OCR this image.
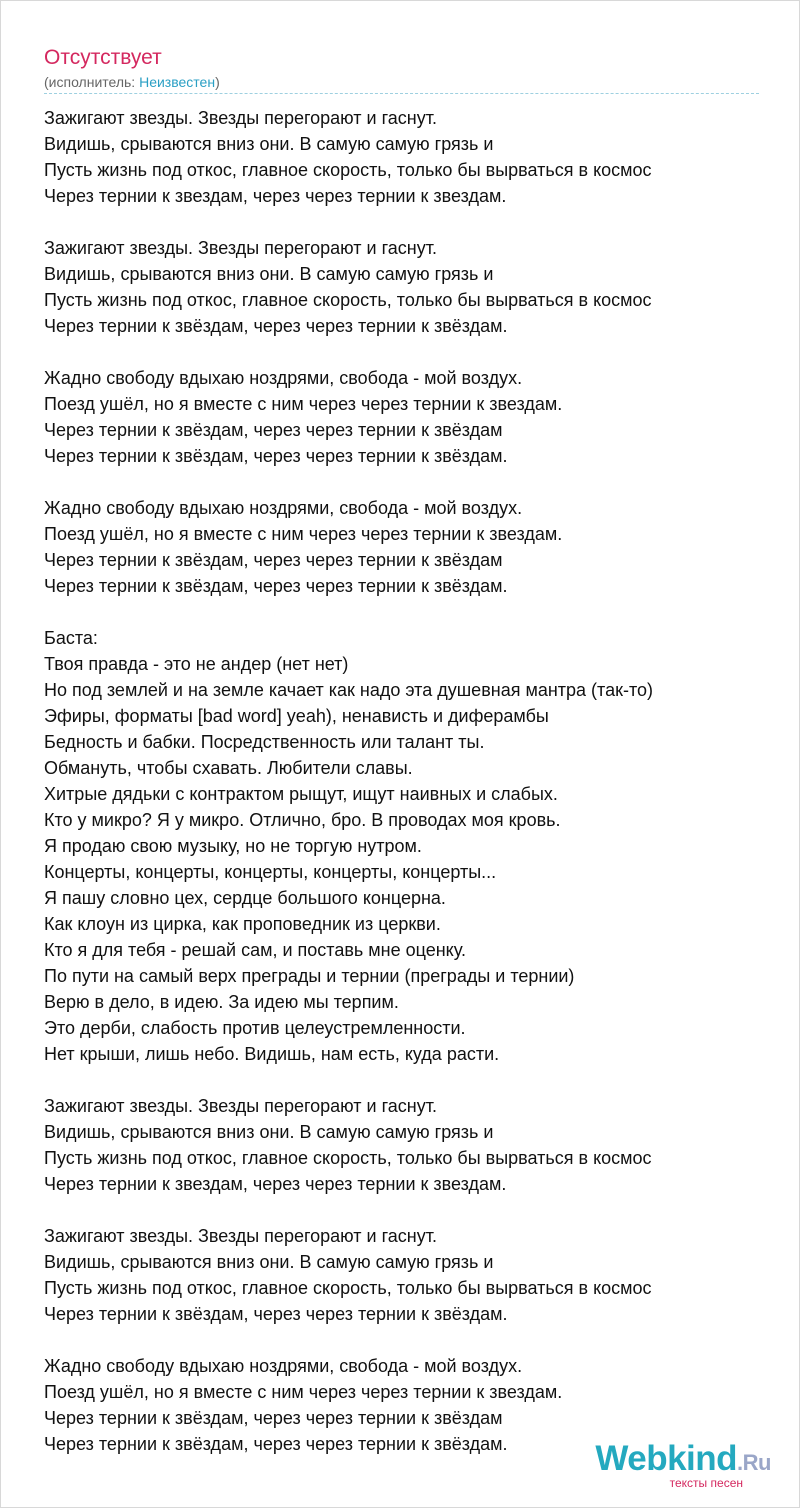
Отсутствует
(исполнитель: Неизвестен)
Зажигают звезды. Звезды перегорают и гаснут.
Видишь, срываются вниз они. В самую самую грязь и
Пусть жизнь под откос, главное скорость, только бы вырваться в космос
Через тернии к звездам, через через тернии к звездам.
Зажигают звезды. Звезды перегорают и гаснут.
Видишь, срываются вниз они. В самую самую грязь и
Пусть жизнь под откос, главное скорость, только бы вырваться в космос
Через тернии к звёздам, через через тернии к звёздам.
Жадно свободу вдыхаю ноздрями, свобода - мой воздух.
Поезд ушёл, но я вместе с ним через через тернии к звездам.
Через тернии к звёздам, через через тернии к звёздам
Через тернии к звёздам, через через тернии к звёздам.
Жадно свободу вдыхаю ноздрями, свобода - мой воздух.
Поезд ушёл, но я вместе с ним через через тернии к звездам.
Через тернии к звёздам, через через тернии к звёздам
Через тернии к звёздам, через через тернии к звёздам.
Баста:
Твоя правда - это не андер (нет нет)
Но под землей и на земле качает как надо эта душевная мантра (так-то)
Эфиры, форматы [bad word] yeah), ненависть и диферамбы
Бедность и бабки. Посредственность или талант ты.
Обмануть, чтобы схавать. Любители славы.
Хитрые дядьки с контрактом рыщут, ищут наивных и слабых.
Кто у микро? Я у микро. Отлично, бро. В проводах моя кровь.
Я продаю свою музыку, но не торгую нутром.
Концерты, концерты, концерты, концерты, концерты...
Я пашу словно цех, сердце большого концерна.
Как клоун из цирка, как проповедник из церкви.
Кто я для тебя - решай сам, и поставь мне оценку.
По пути на самый верх преграды и тернии (преграды и тернии)
Верю в дело, в идею. За идею мы терпим.
Это дерби, слабость против целеустремленности.
Нет крыши, лишь небо. Видишь, нам есть, куда расти.
Зажигают звезды. Звезды перегорают и гаснут.
Видишь, срываются вниз они. В самую самую грязь и
Пусть жизнь под откос, главное скорость, только бы вырваться в космос
Через тернии к звездам, через через тернии к звездам.
Зажигают звезды. Звезды перегорают и гаснут.
Видишь, срываются вниз они. В самую самую грязь и
Пусть жизнь под откос, главное скорость, только бы вырваться в космос
Через тернии к звёздам, через через тернии к звёздам.
Жадно свободу вдыхаю ноздрями, свобода - мой воздух.
Поезд ушёл, но я вместе с ним через через тернии к звездам.
Через тернии к звёздам, через через тернии к звёздам
Через тернии к звёздам, через через тернии к звёздам.	Webkind.Ru
тексты песен
